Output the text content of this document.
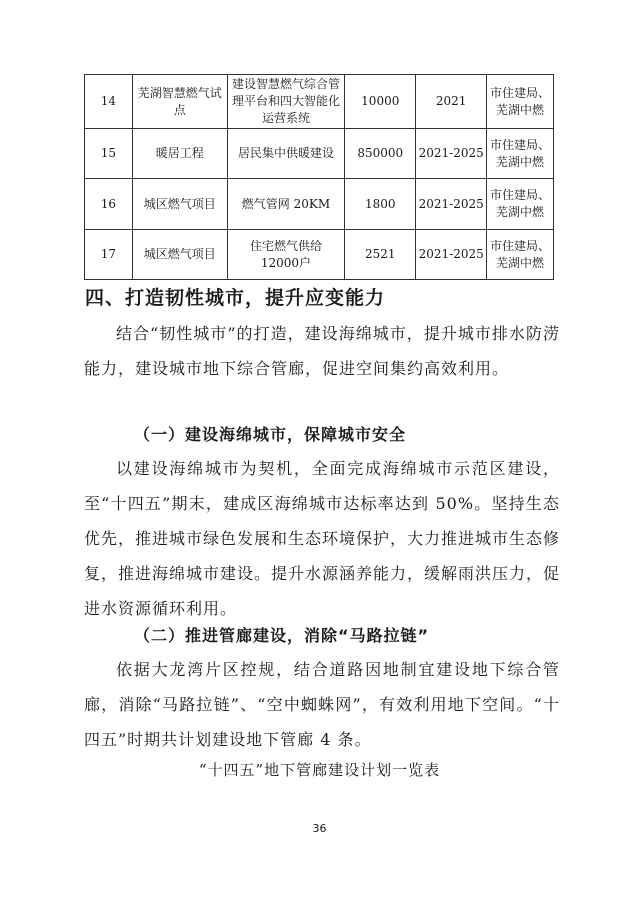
14	芜湖智慧燃气试点	建设智慧燃气综合管理平台和四大智能化运营系统	10000	2021	市住建局、芜湖中燃
15	暖居工程	居民集中供暖建设	850000	2021-2025	市住建局、芜湖中燃
16	城区燃气项目	燃气管网 20KM	1800	2021-2025	市住建局、芜湖中燃
17	城区燃气项目	住宅燃气供给 12000户	2521	2021-2025	市住建局、芜湖中燃
四、打造韧性城市，提升应变能力

结合“韧性城市”的打造，建设海绵城市，提升城市排水防涝能力，建设城市地下综合管廊，促进空间集约高效利用。

（一）建设海绵城市，保障城市安全

以建设海绵城市为契机，全面完成海绵城市示范区建设，至“十四五”期末，建成区海绵城市达标率达到 50%。坚持生态优先，推进城市绿色发展和生态环境保护，大力推进城市生态修复，推进海绵城市建设。提升水源涵养能力，缓解雨洪压力，促进水资源循环利用。

（二）推进管廊建设，消除“马路拉链”

依据大龙湾片区控规，结合道路因地制宜建设地下综合管廊，消除“马路拉链”、“空中蜘蛛网”，有效利用地下空间。“十四五”时期共计划建设地下管廊 4 条。

“十四五”地下管廊建设计划一览表
36
